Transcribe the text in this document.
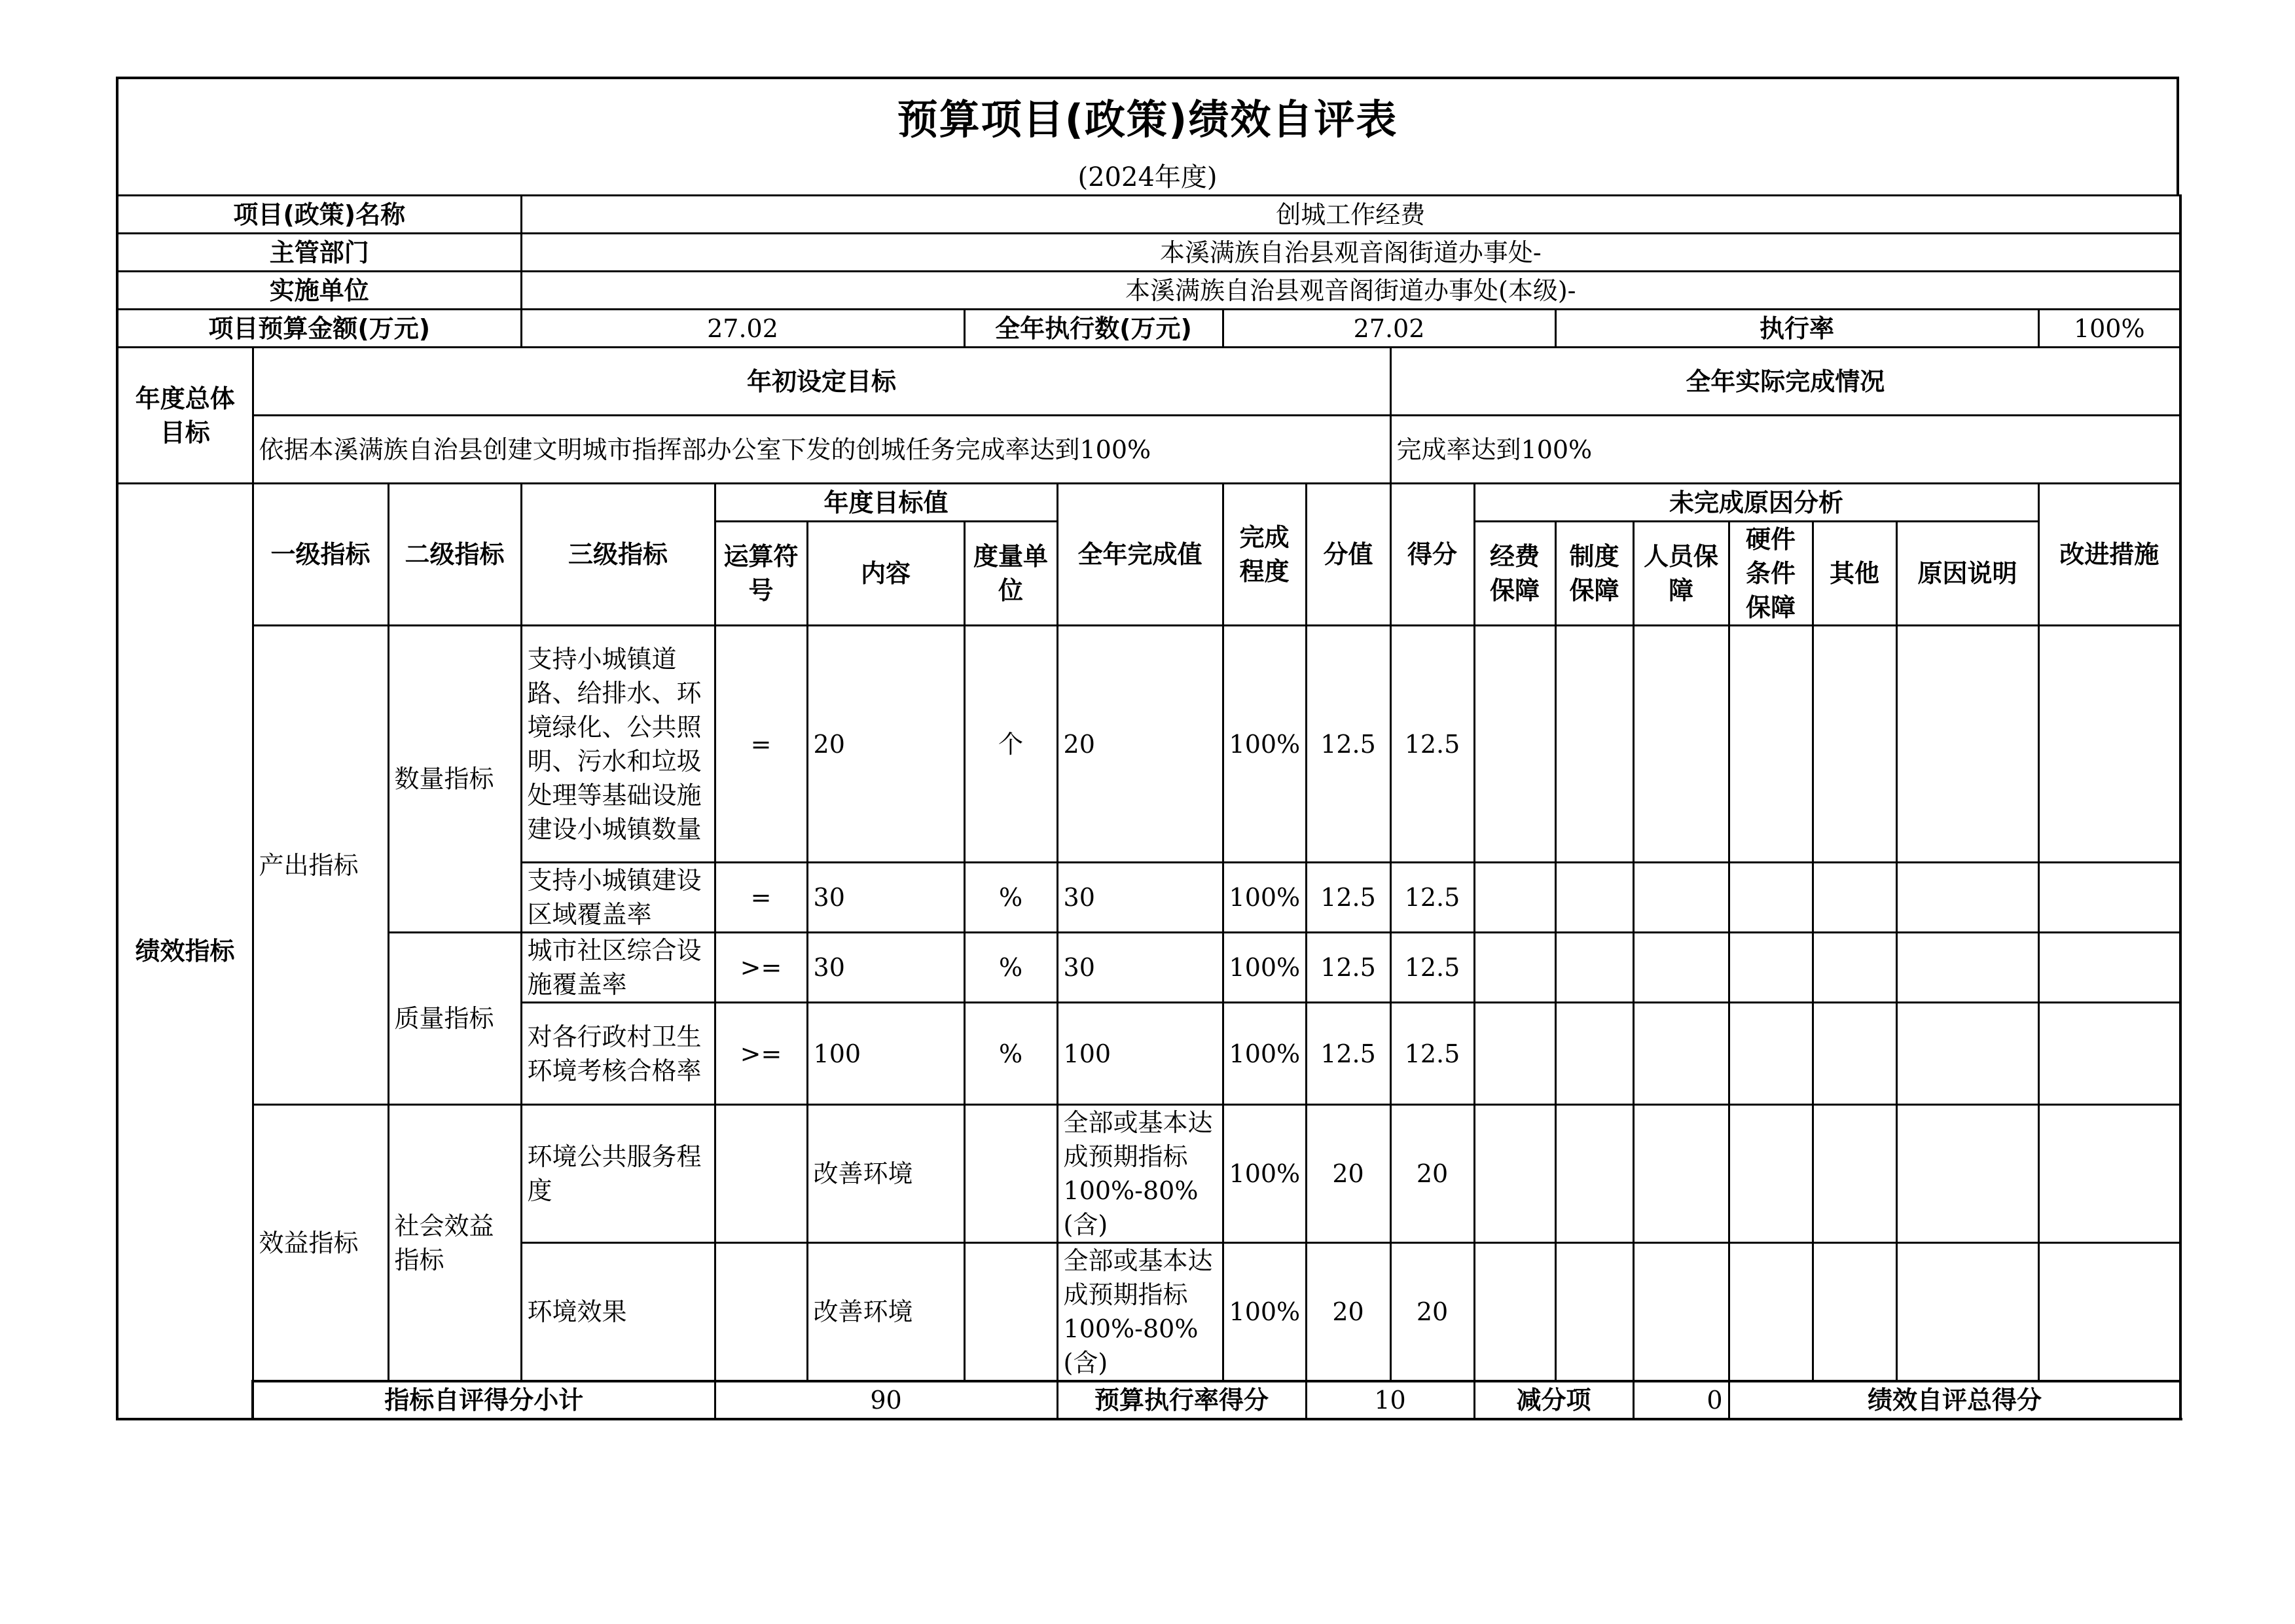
预算项目(政策)绩效自评表
(2024年度)
项目(政策)名称			创城工作经费															
主管部门			本溪满族自治县观音阁街道办事处-															
实施单位			本溪满族自治县观音阁街道办事处(本级)-															
项目预算金额(万元)			27.02			全年执行数(万元)		27.02				执行率					100%	
年度总体目标	年初设定目标									全年实际完成情况								
	依据本溪满族自治县创建文明城市指挥部办公室下发的创城任务完成率达到100%									完成率达到100%								
绩效指标	一级指标	二级指标	三级指标	年度目标值			全年完成值	完成程度	分值	得分	未完成原因分析						改进措施	
				运算符号	内容	度量单位					经费保障	制度保障	人员保障	硬件条件保障	其他	原因说明		
	产出指标	数量指标	支持小城镇道路、给排水、环境绿化、公共照明、污水和垃圾处理等基础设施建设小城镇数量	=	20	个	20	100%	12.5	12.5								
			支持小城镇建设区域覆盖率	=	30	%	30	100%	12.5	12.5								
		质量指标	城市社区综合设施覆盖率	>=	30	%	30	100%	12.5	12.5								
			对各行政村卫生环境考核合格率	>=	100	%	100	100%	12.5	12.5								
	效益指标	社会效益指标	环境公共服务程度		改善环境		全部或基本达成预期指标100%-80%(含)	100%	20	20								
			环境效果		改善环境		全部或基本达成预期指标100%-80%(含)	100%	20	20								
	指标自评得分小计			90			预算执行率得分		10		减分项		0	绩效自评总得分	
